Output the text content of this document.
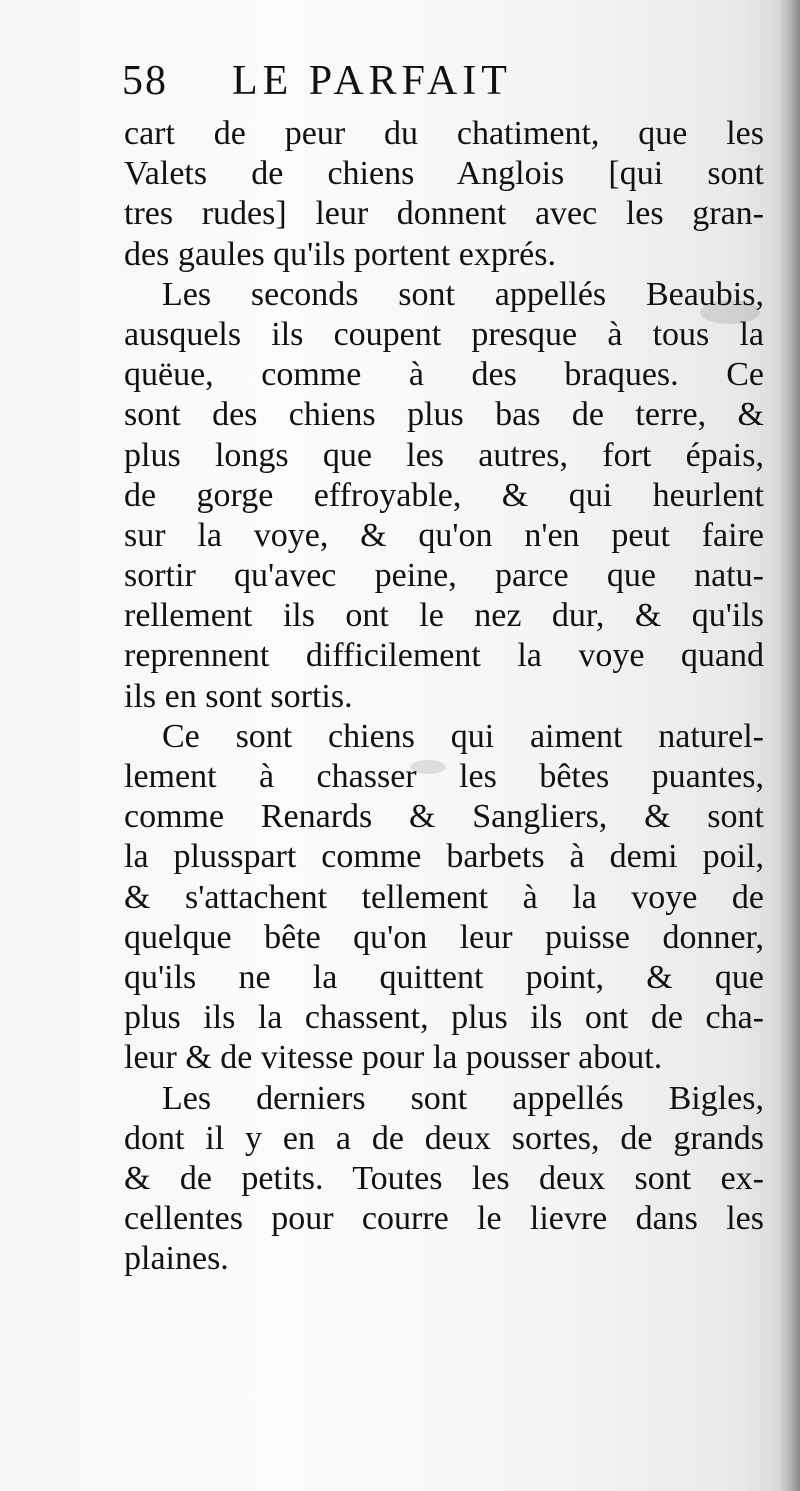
58 LE PARFAIT
cart de peur du chatiment, que les
Valets de chiens Anglois [qui sont
tres rudes] leur donnent avec les gran-
des gaules qu'ils portent exprés.
Les seconds sont appellés Beaubis,
ausquels ils coupent presque à tous la
quëue, comme à des braques. Ce
sont des chiens plus bas de terre, &
plus longs que les autres, fort épais,
de gorge effroyable, & qui heurlent
sur la voye, & qu'on n'en peut faire
sortir qu'avec peine, parce que natu-
rellement ils ont le nez dur, & qu'ils
reprennent difficilement la voye quand
ils en sont sortis.
Ce sont chiens qui aiment naturel-
lement à chasser les bêtes puantes,
comme Renards & Sangliers, & sont
la plusspart comme barbets à demi poil,
& s'attachent tellement à la voye de
quelque bête qu'on leur puisse donner,
qu'ils ne la quittent point, & que
plus ils la chassent, plus ils ont de cha-
leur & de vitesse pour la pousser about.
Les derniers sont appellés Bigles,
dont il y en a de deux sortes, de grands
& de petits. Toutes les deux sont ex-
cellentes pour courre le lievre dans les
plaines.
